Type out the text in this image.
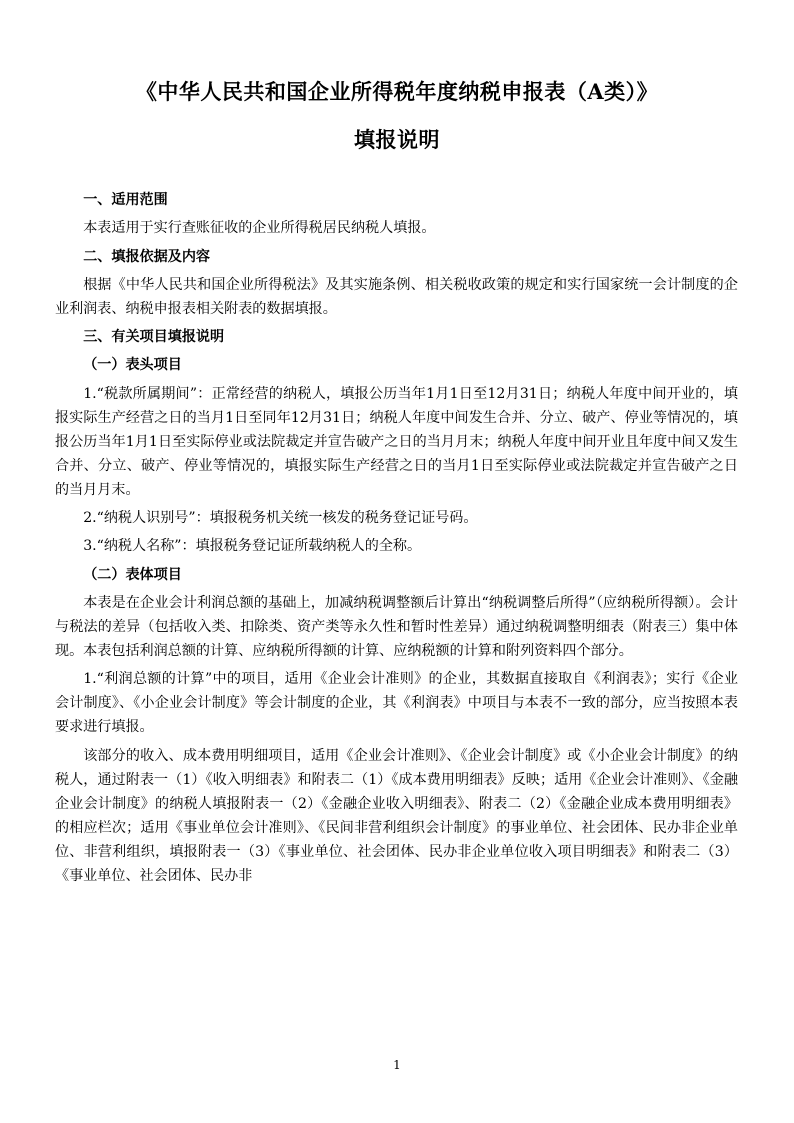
《中华人民共和国企业所得税年度纳税申报表（A类）》
填报说明

一、适用范围

本表适用于实行查账征收的企业所得税居民纳税人填报。

二、填报依据及内容

根据《中华人民共和国企业所得税法》及其实施条例、相关税收政策的规定和实行国家统一会计制度的企业利润表、纳税申报表相关附表的数据填报。

三、有关项目填报说明

（一）表头项目

1.“税款所属期间”：正常经营的纳税人，填报公历当年1月1日至12月31日；纳税人年度中间开业的，填报实际生产经营之日的当月1日至同年12月31日；纳税人年度中间发生合并、分立、破产、停业等情况的，填报公历当年1月1日至实际停业或法院裁定并宣告破产之日的当月月末；纳税人年度中间开业且年度中间又发生合并、分立、破产、停业等情况的，填报实际生产经营之日的当月1日至实际停业或法院裁定并宣告破产之日的当月月末。

2.“纳税人识别号”：填报税务机关统一核发的税务登记证号码。

3.“纳税人名称”：填报税务登记证所载纳税人的全称。

（二）表体项目

本表是在企业会计利润总额的基础上，加减纳税调整额后计算出“纳税调整后所得”（应纳税所得额）。会计与税法的差异（包括收入类、扣除类、资产类等永久性和暂时性差异）通过纳税调整明细表（附表三）集中体现。本表包括利润总额的计算、应纳税所得额的计算、应纳税额的计算和附列资料四个部分。

1.“利润总额的计算”中的项目，适用《企业会计准则》的企业，其数据直接取自《利润表》；实行《企业会计制度》、《小企业会计制度》等会计制度的企业，其《利润表》中项目与本表不一致的部分，应当按照本表要求进行填报。

该部分的收入、成本费用明细项目，适用《企业会计准则》、《企业会计制度》或《小企业会计制度》的纳税人，通过附表一（1）《收入明细表》和附表二（1）《成本费用明细表》反映；适用《企业会计准则》、《金融企业会计制度》的纳税人填报附表一（2）《金融企业收入明细表》、附表二（2）《金融企业成本费用明细表》的相应栏次；适用《事业单位会计准则》、《民间非营利组织会计制度》的事业单位、社会团体、民办非企业单位、非营利组织，填报附表一（3）《事业单位、社会团体、民办非企业单位收入项目明细表》和附表二（3）《事业单位、社会团体、民办非

1
